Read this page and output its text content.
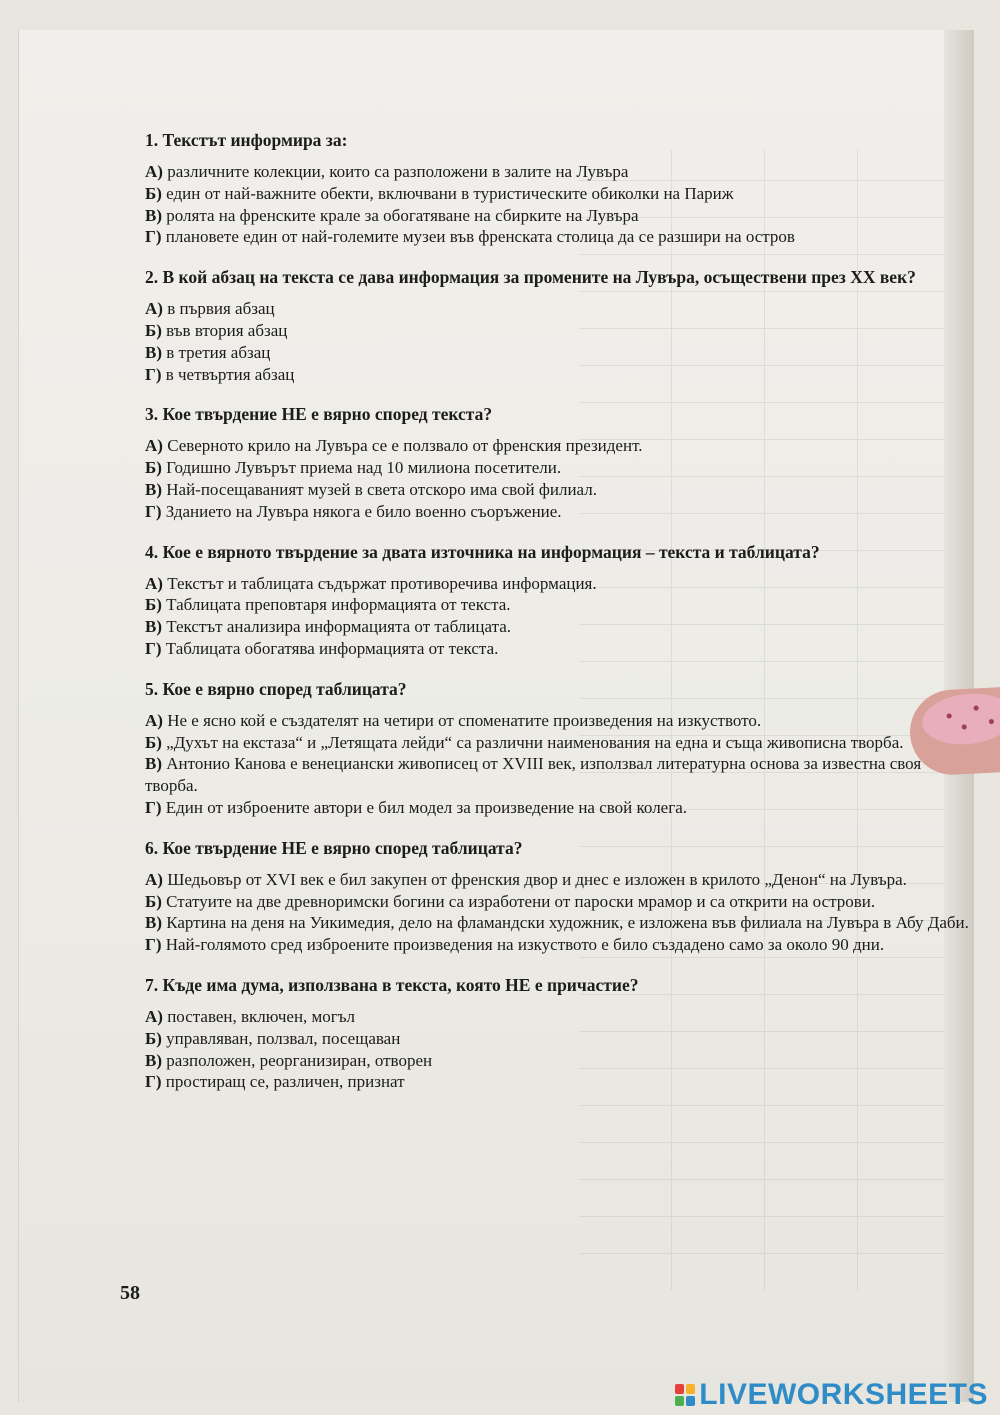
1. Текстът информира за:
А) различните колекции, които са разположени в залите на Лувъра
Б) един от най-важните обекти, включвани в туристическите обиколки на Париж
В) ролята на френските крале за обогатяване на сбирките на Лувъра
Г) плановете един от най-големите музеи във френската столица да се разшири на остров
2. В кой абзац на текста се дава информация за промените на Лувъра, осъществени през XX век?
А) в първия абзац
Б) във втория абзац
В) в третия абзац
Г) в четвъртия абзац
3. Кое твърдение НЕ е вярно според текста?
А) Северното крило на Лувъра се е ползвало от френския президент.
Б) Годишно Лувърът приема над 10 милиона посетители.
В) Най-посещаваният музей в света отскоро има свой филиал.
Г) Зданието на Лувъра някога е било военно съоръжение.
4. Кое е вярното твърдение за двата източника на информация – текста и таблицата?
А) Текстът и таблицата съдържат противоречива информация.
Б) Таблицата преповтаря информацията от текста.
В) Текстът анализира информацията от таблицата.
Г) Таблицата обогатява информацията от текста.
5. Кое е вярно според таблицата?
А) Не е ясно кой е създателят на четири от споменатите произведения на изкуството.
Б) „Духът на екстаза“ и „Летящата лейди“ са различни наименования на една и съща живописна творба.
В) Антонио Канова е венециански живописец от XVIII век, използвал литературна основа за известна своя творба.
Г) Един от изброените автори е бил модел за произведение на свой колега.
6. Кое твърдение НЕ е вярно според таблицата?
А) Шедьовър от XVI век е бил закупен от френския двор и днес е изложен в крилото „Денон“ на Лувъра.
Б) Статуите на две древноримски богини са изработени от пароски мрамор и са открити на острови.
В) Картина на деня на Уикимедия, дело на фламандски художник, е изложена във филиала на Лувъра в Абу Даби.
Г) Най-голямото сред изброените произведения на изкуството е било създадено само за около 90 дни.
7. Къде има дума, използвана в текста, която НЕ е причастие?
А) поставен, включен, могъл
Б) управляван, ползвал, посещаван
В) разположен, реорганизиран, отворен
Г) простиращ се, различен, признат
58
LIVEWORKSHEETS
